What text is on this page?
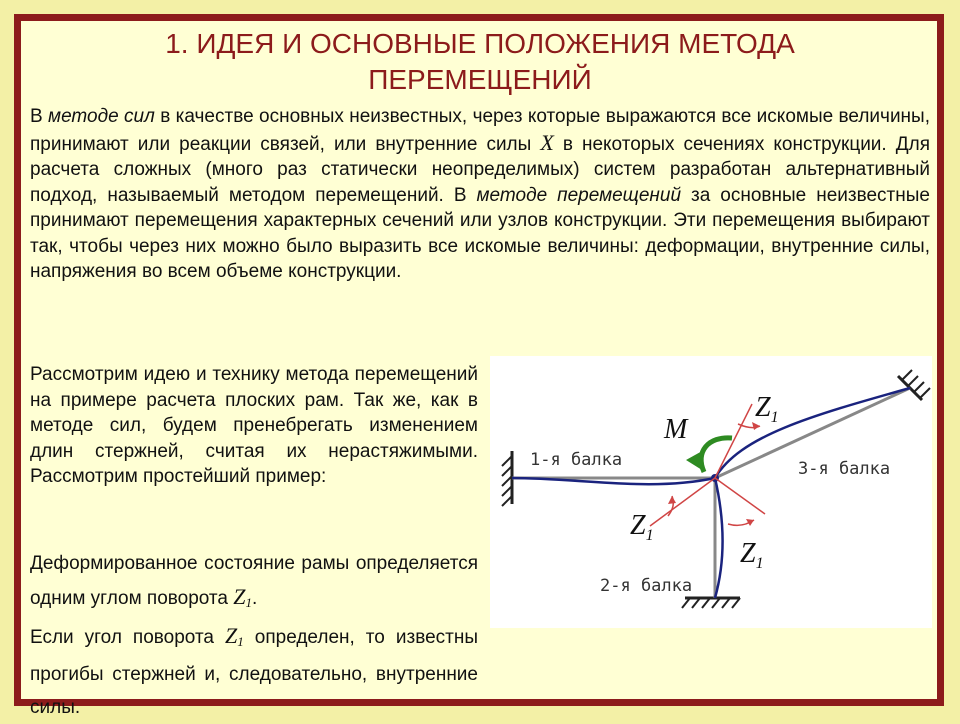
1. ИДЕЯ И ОСНОВНЫЕ ПОЛОЖЕНИЯ МЕТОДА
ПЕРЕМЕЩЕНИЙ

В методе сил в качестве основных неизвестных, через которые выражаются все искомые величины, принимают или реакции связей, или внутренние силы X в некоторых сечениях конструкции. Для расчета сложных (много раз статически неопределимых) систем разработан альтернативный подход, называемый методом перемещений. В методе перемещений за основные неизвестные принимают перемещения характерных сечений или узлов конструкции. Эти перемещения выбирают так, чтобы через них можно было выразить все искомые величины: деформации, внутренние силы, напряжения во всем объеме конструкции.

Рассмотрим идею и технику метода перемещений на примере расчета плоских рам. Так же, как в методе сил, будем пренебрегать изменением длин стержней, считая их нерастяжимыми. Рассмотрим простейший пример:

Деформированное состояние рамы определяется одним углом поворота $Z_1$.
Если угол поворота $Z_1$ определен, то известны прогибы стержней и, следовательно, внутренние силы.

1-я балка
2-я балка
3-я балка
M
Z1
Z1
Z1
